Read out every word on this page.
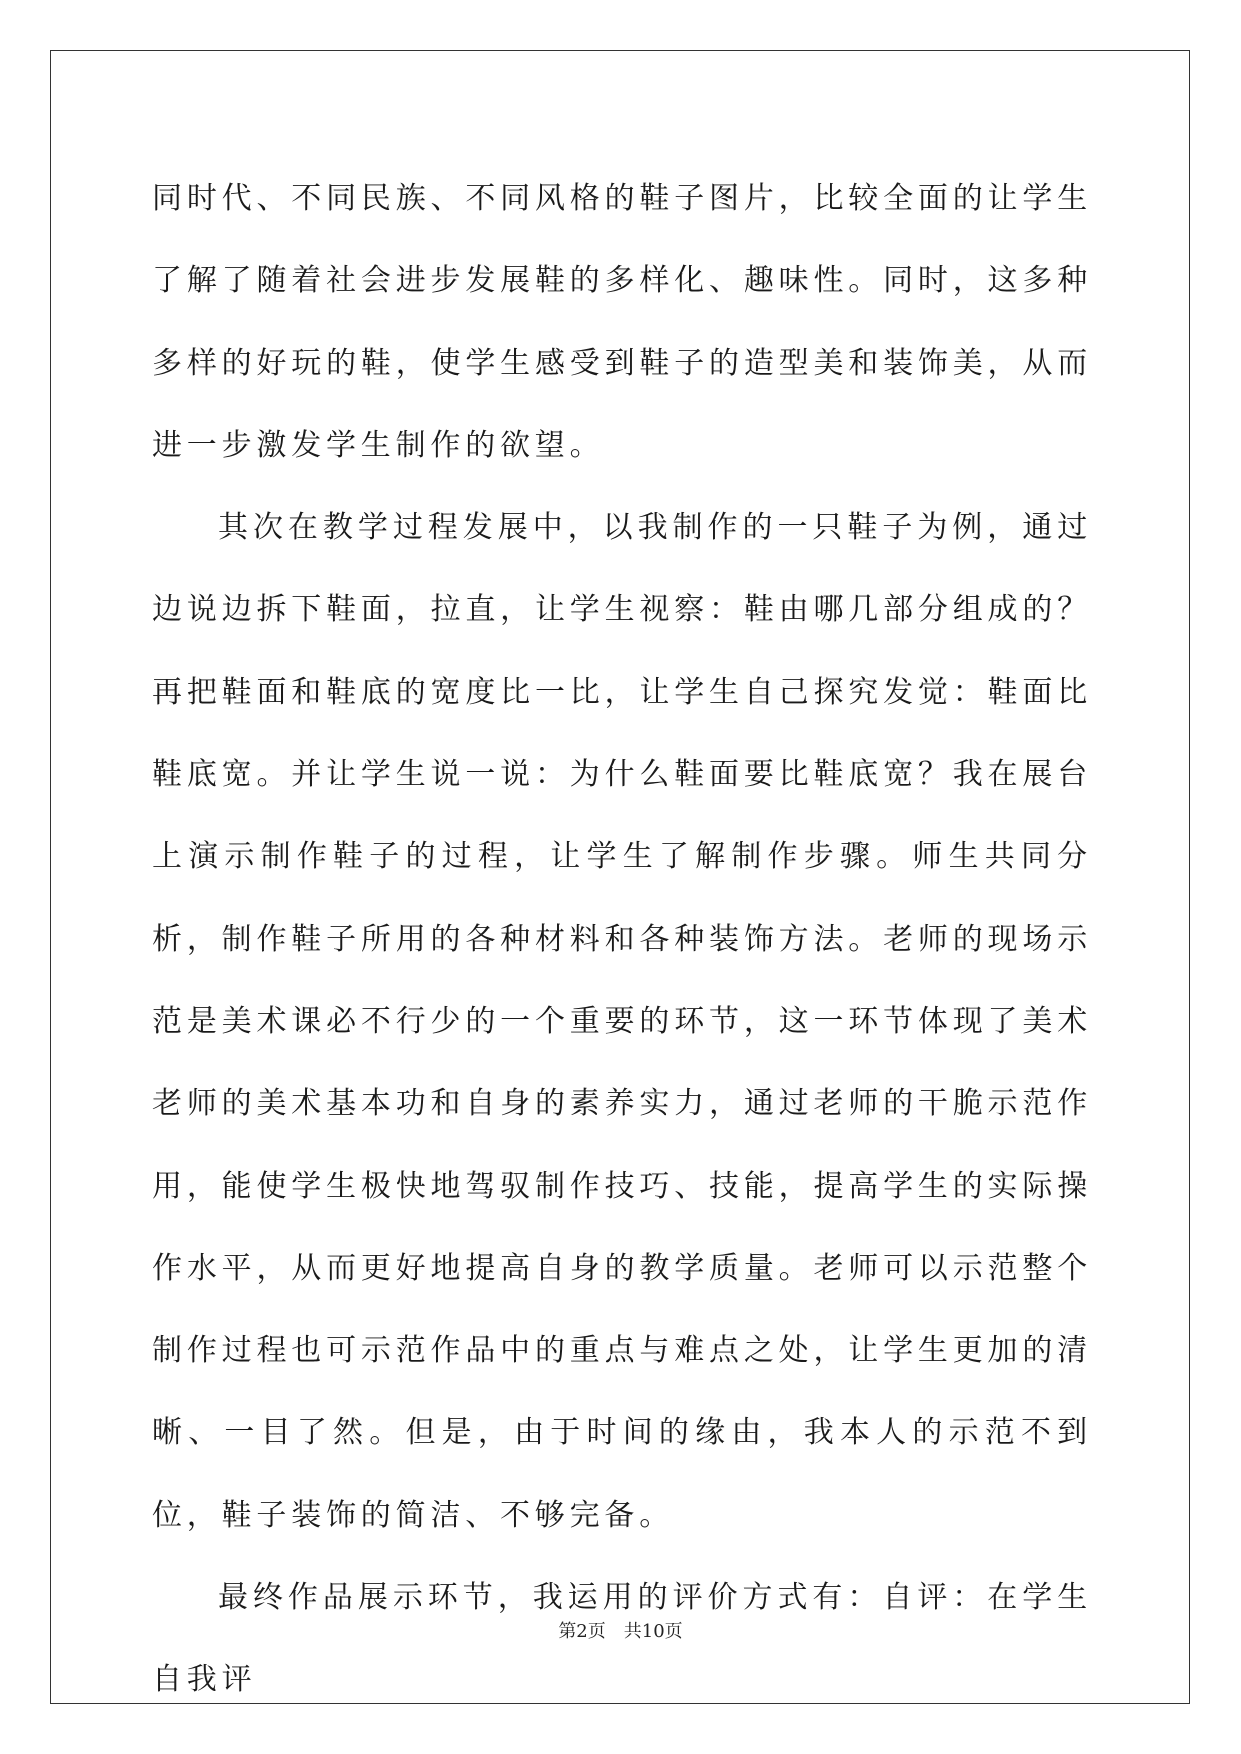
同时代、不同民族、不同风格的鞋子图片，比较全面的让学生了解了随着社会进步发展鞋的多样化、趣味性。同时，这多种多样的好玩的鞋，使学生感受到鞋子的造型美和装饰美，从而进一步激发学生制作的欲望。

其次在教学过程发展中，以我制作的一只鞋子为例，通过边说边拆下鞋面，拉直，让学生视察：鞋由哪几部分组成的？再把鞋面和鞋底的宽度比一比，让学生自己探究发觉：鞋面比鞋底宽。并让学生说一说：为什么鞋面要比鞋底宽？我在展台上演示制作鞋子的过程，让学生了解制作步骤。师生共同分析，制作鞋子所用的各种材料和各种装饰方法。老师的现场示范是美术课必不行少的一个重要的环节，这一环节体现了美术老师的美术基本功和自身的素养实力，通过老师的干脆示范作用，能使学生极快地驾驭制作技巧、技能，提高学生的实际操作水平，从而更好地提高自身的教学质量。老师可以示范整个制作过程也可示范作品中的重点与难点之处，让学生更加的清晰、一目了然。但是，由于时间的缘由，我本人的示范不到位，鞋子装饰的简洁、不够完备。

最终作品展示环节，我运用的评价方式有：自评：在学生自我评

第2页　共10页
